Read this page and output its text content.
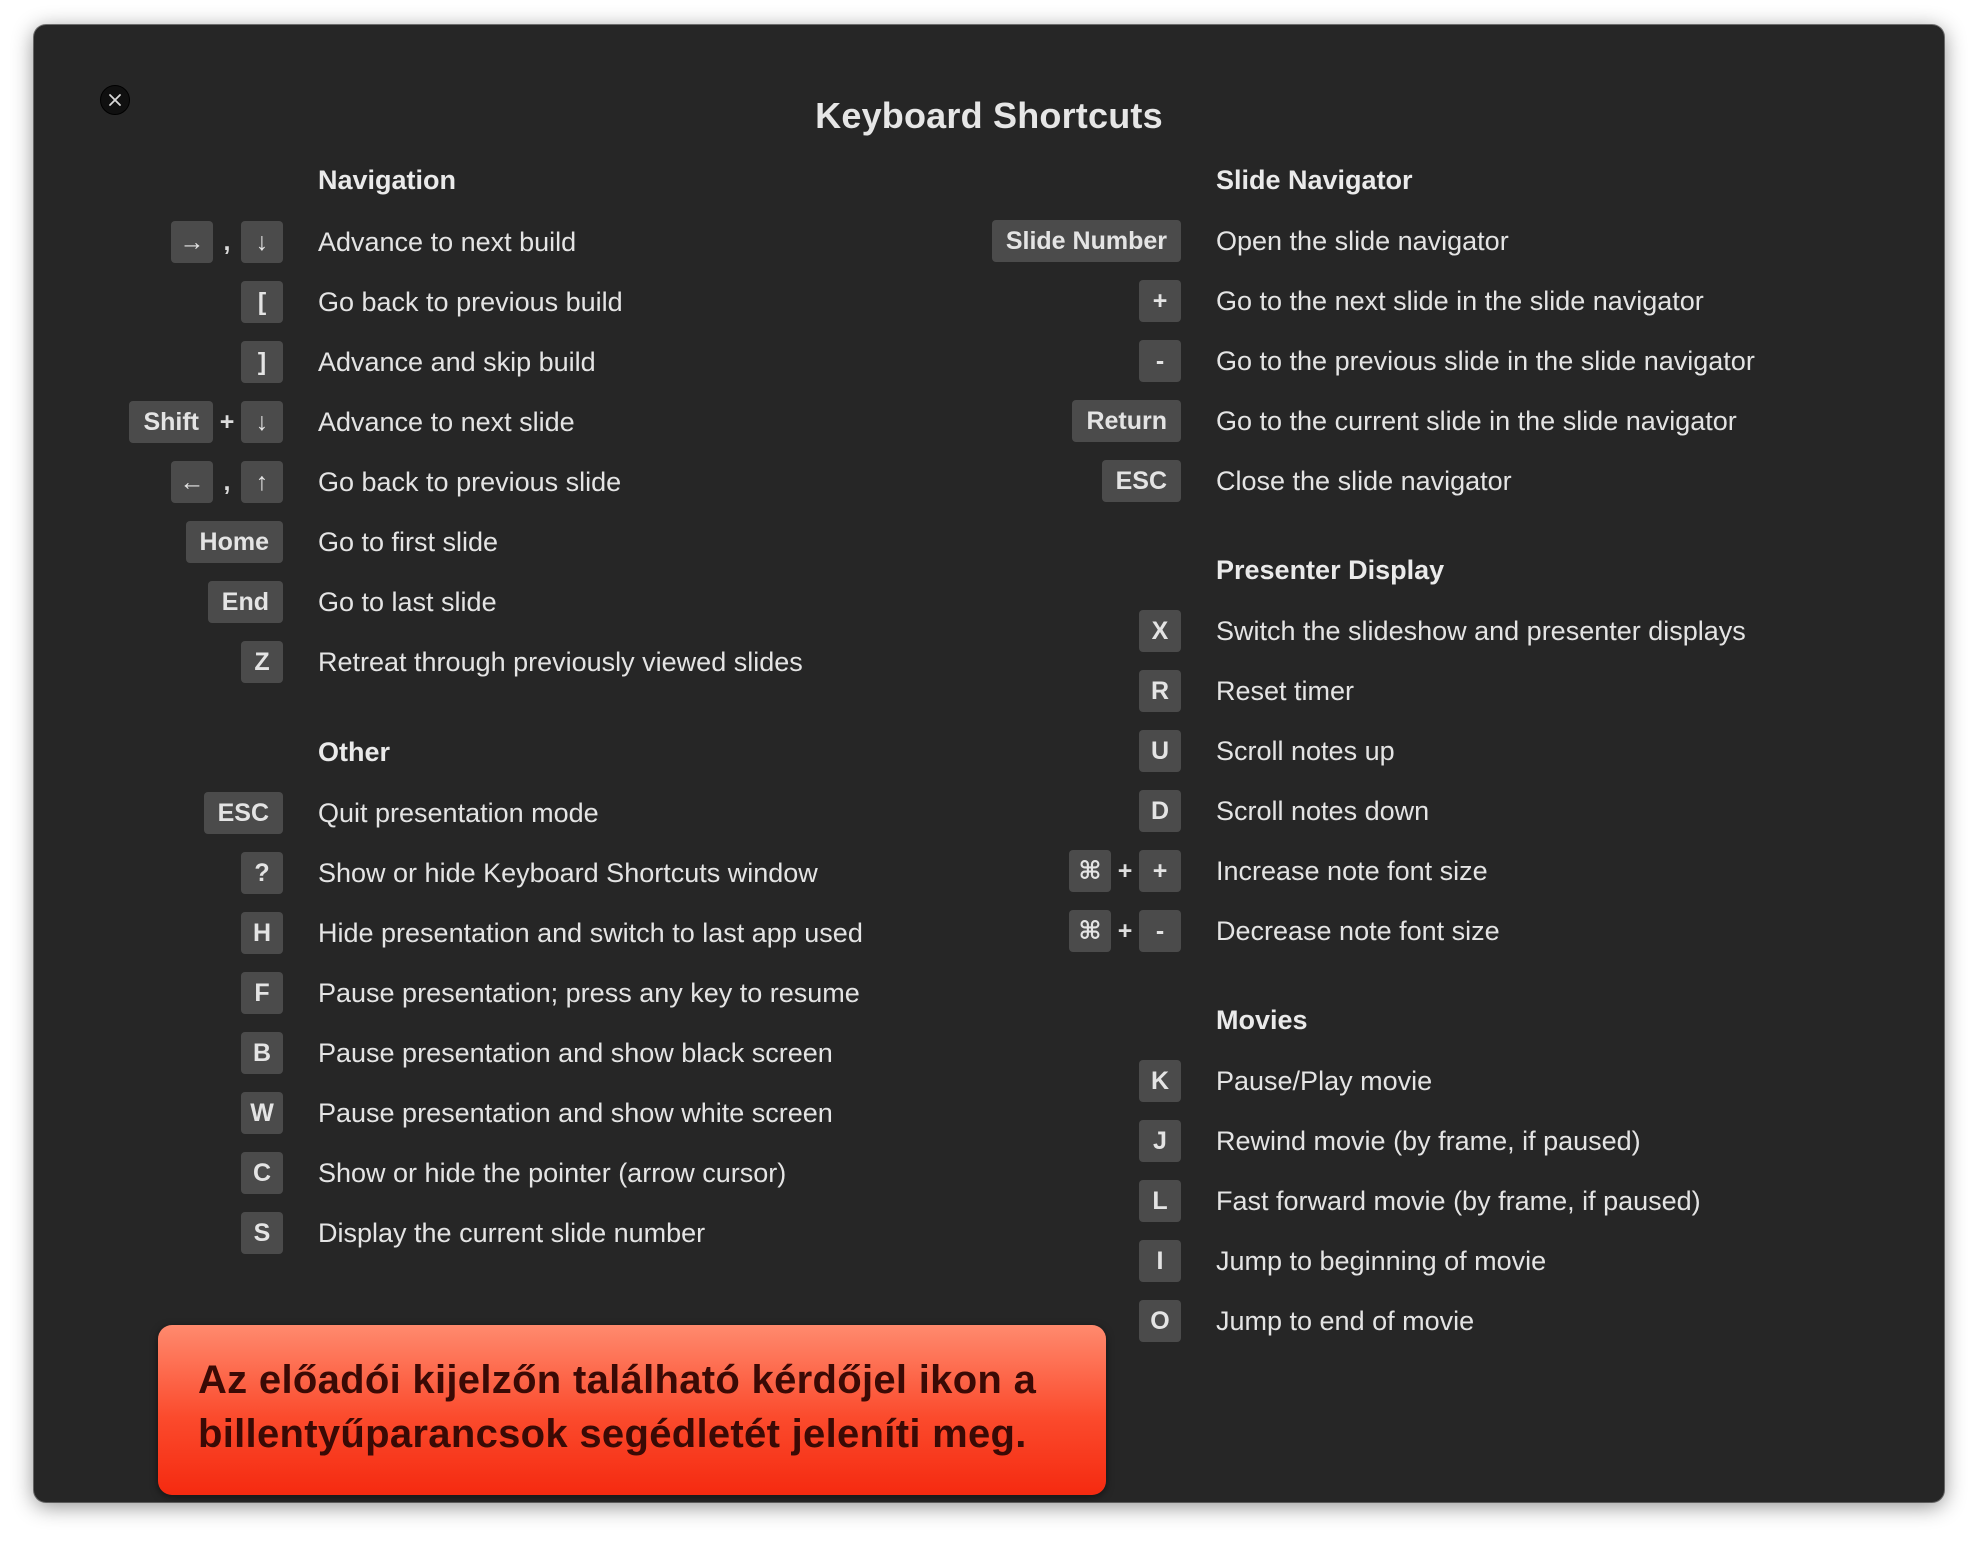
Keyboard Shortcuts
Navigation
→ ,	↓	Advance to next build
[	Go back to previous build
]	Advance and skip build
Shift + ↓	Advance to next slide
← ,	↑	Go back to previous slide
Home	Go to first slide
End	Go to last slide
Z	Retreat through previously viewed slides
Other
ESC	Quit presentation mode
?	Show or hide Keyboard Shortcuts window
H	Hide presentation and switch to last app used
F	Pause presentation; press any key to resume
B	Pause presentation and show black screen
W	Pause presentation and show white screen
C	Show or hide the pointer (arrow cursor)
S	Display the current slide number
Slide Navigator
Slide Number	Open the slide navigator
+	Go to the next slide in the slide navigator
-	Go to the previous slide in the slide navigator
Return	Go to the current slide in the slide navigator
ESC	Close the slide navigator
Presenter Display
X	Switch the slideshow and presenter displays
R	Reset timer
U	Scroll notes up
D	Scroll notes down
⌘ + +	Increase note font size
⌘ + -	Decrease note font size
Movies
K	Pause/Play movie
J	Rewind movie (by frame, if paused)
L	Fast forward movie (by frame, if paused)
I	Jump to beginning of movie
O	Jump to end of movie
Az előadói kijelzőn található kérdőjel ikon a
billentyűparancsok segédletét jeleníti meg.
